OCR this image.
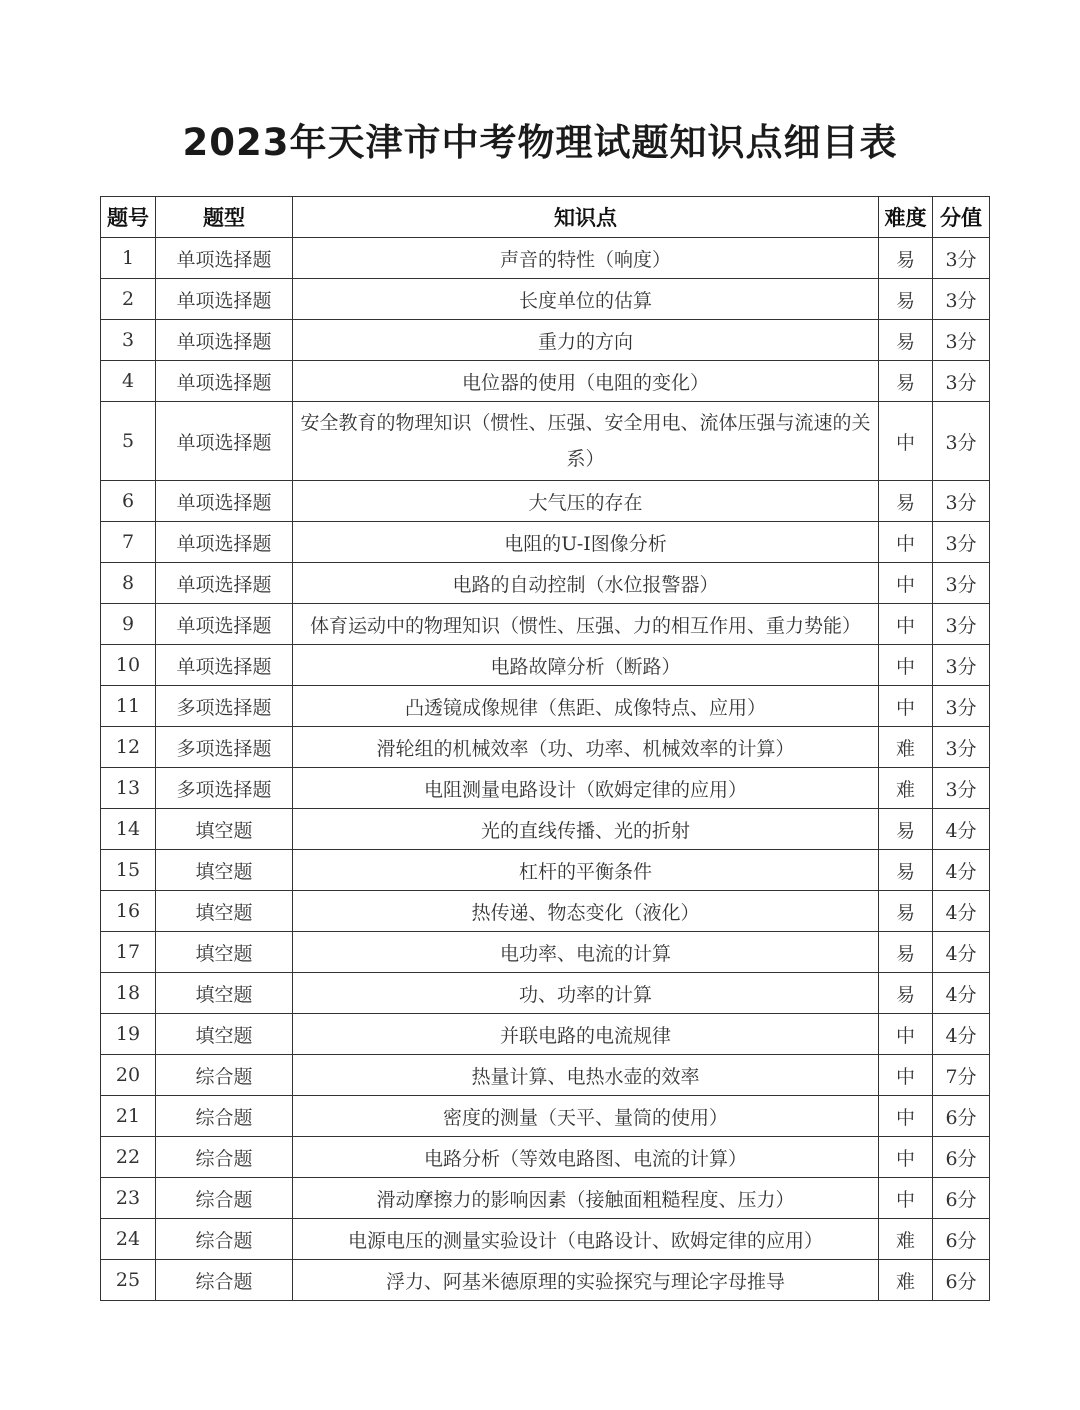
2023年天津市中考物理试题知识点细目表
题号	题型	知识点	难度	分值
1	单项选择题	声音的特性（响度）	易	3分
2	单项选择题	长度单位的估算	易	3分
3	单项选择题	重力的方向	易	3分
4	单项选择题	电位器的使用（电阻的变化）	易	3分
5	单项选择题	安全教育的物理知识（惯性、压强、安全用电、流体压强与流速的关系）	中	3分
6	单项选择题	大气压的存在	易	3分
7	单项选择题	电阻的U-I图像分析	中	3分
8	单项选择题	电路的自动控制（水位报警器）	中	3分
9	单项选择题	体育运动中的物理知识（惯性、压强、力的相互作用、重力势能）	中	3分
10	单项选择题	电路故障分析（断路）	中	3分
11	多项选择题	凸透镜成像规律（焦距、成像特点、应用）	中	3分
12	多项选择题	滑轮组的机械效率（功、功率、机械效率的计算）	难	3分
13	多项选择题	电阻测量电路设计（欧姆定律的应用）	难	3分
14	填空题	光的直线传播、光的折射	易	4分
15	填空题	杠杆的平衡条件	易	4分
16	填空题	热传递、物态变化（液化）	易	4分
17	填空题	电功率、电流的计算	易	4分
18	填空题	功、功率的计算	易	4分
19	填空题	并联电路的电流规律	中	4分
20	综合题	热量计算、电热水壶的效率	中	7分
21	综合题	密度的测量（天平、量筒的使用）	中	6分
22	综合题	电路分析（等效电路图、电流的计算）	中	6分
23	综合题	滑动摩擦力的影响因素（接触面粗糙程度、压力）	中	6分
24	综合题	电源电压的测量实验设计（电路设计、欧姆定律的应用）	难	6分
25	综合题	浮力、阿基米德原理的实验探究与理论字母推导	难	6分
